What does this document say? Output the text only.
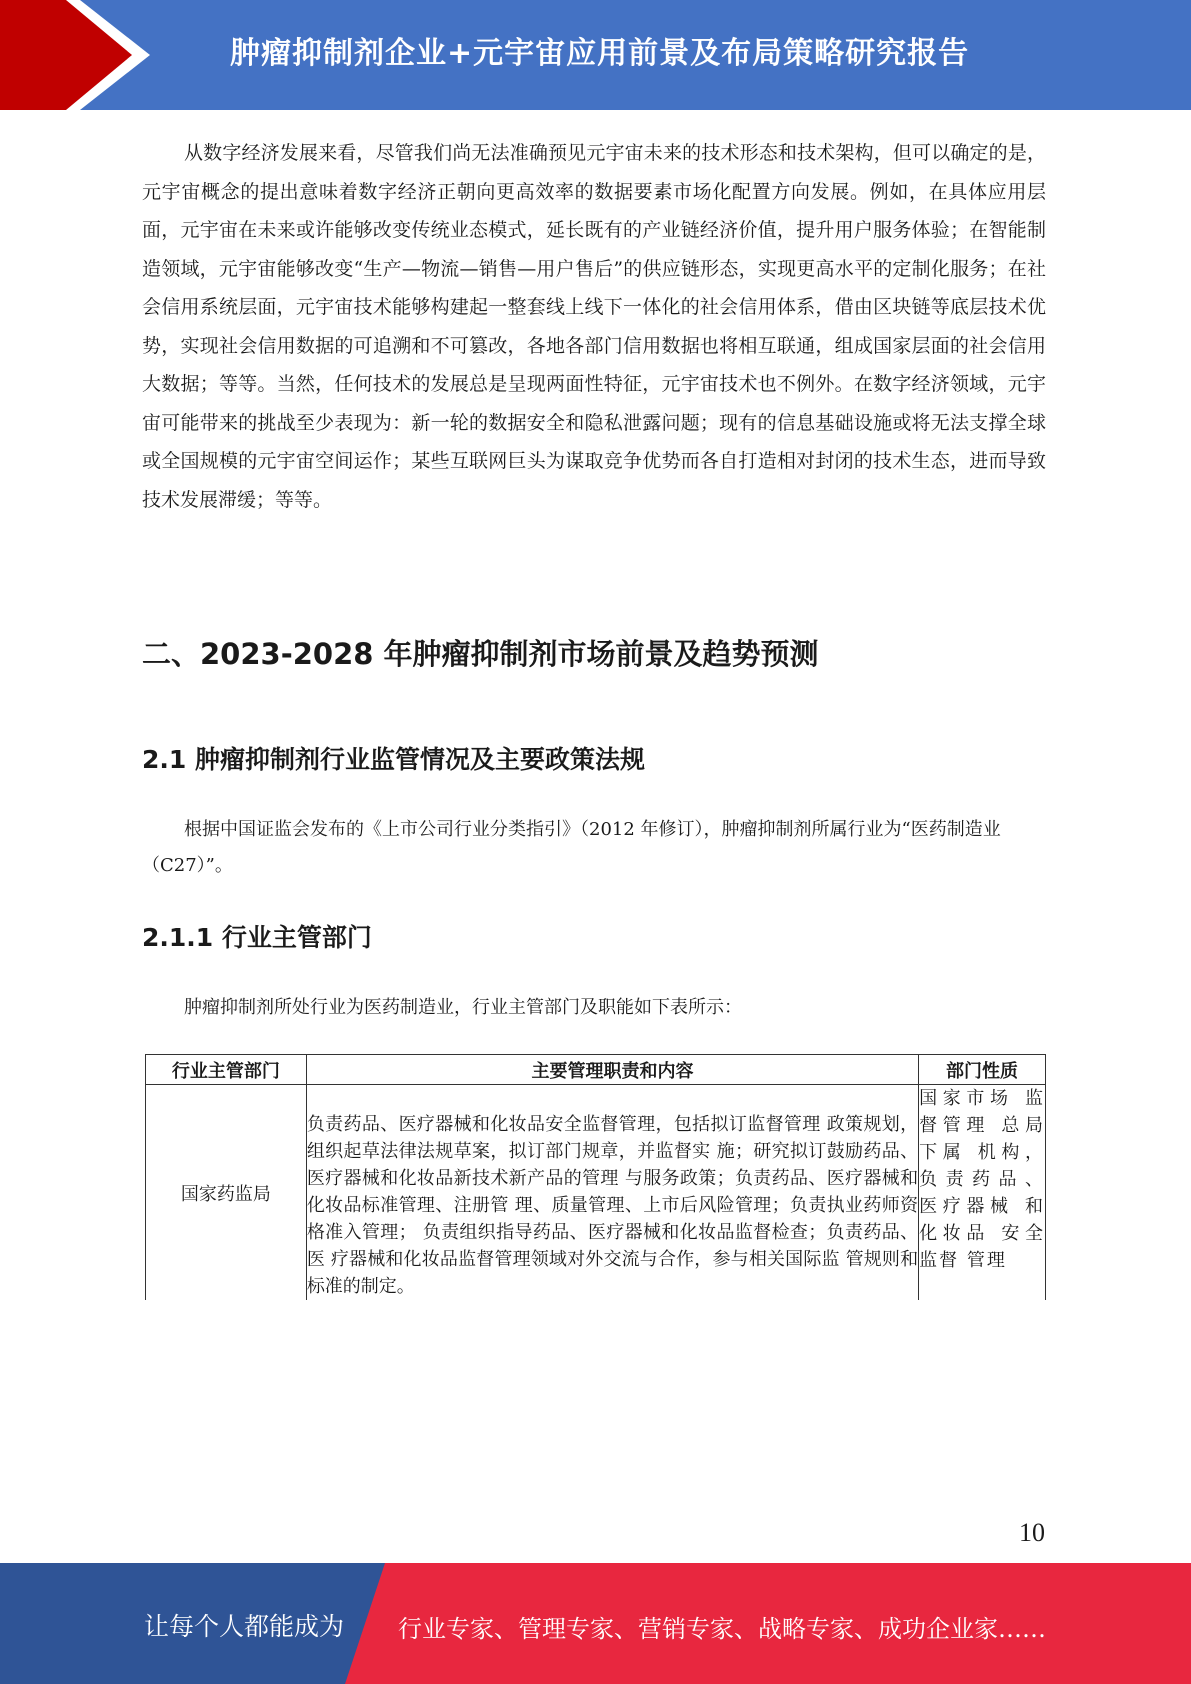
肿瘤抑制剂企业+元宇宙应用前景及布局策略研究报告

从数字经济发展来看，尽管我们尚无法准确预见元宇宙未来的技术形态和技术架构，但可以确定的是，元宇宙概念的提出意味着数字经济正朝向更高效率的数据要素市场化配置方向发展。例如，在具体应用层面，元宇宙在未来或许能够改变传统业态模式，延长既有的产业链经济价值，提升用户服务体验；在智能制造领域，元宇宙能够改变“生产—物流—销售—用户售后”的供应链形态，实现更高水平的定制化服务；在社会信用系统层面，元宇宙技术能够构建起一整套线上线下一体化的社会信用体系，借由区块链等底层技术优势，实现社会信用数据的可追溯和不可篡改，各地各部门信用数据也将相互联通，组成国家层面的社会信用大数据；等等。当然，任何技术的发展总是呈现两面性特征，元宇宙技术也不例外。在数字经济领域，元宇宙可能带来的挑战至少表现为：新一轮的数据安全和隐私泄露问题；现有的信息基础设施或将无法支撑全球或全国规模的元宇宙空间运作；某些互联网巨头为谋取竞争优势而各自打造相对封闭的技术生态，进而导致技术发展滞缓；等等。

二、2023-2028 年肿瘤抑制剂市场前景及趋势预测
2.1 肿瘤抑制剂行业监管情况及主要政策法规

根据中国证监会发布的《上市公司行业分类指引》（2012 年修订），肿瘤抑制剂所属行业为“医药制造业（C27）”。

2.1.1 行业主管部门

肿瘤抑制剂所处行业为医药制造业，行业主管部门及职能如下表所示：

行业主管部门	主要管理职责和内容	部门性质
国家药监局	负责药品、医疗器械和化妆品安全监督管理，包括拟订监督管理 政策规划，组织起草法律法规草案，拟订部门规章，并监督实 施；研究拟订鼓励药品、医疗器械和化妆品新技术新产品的管理 与服务政策；负责药品、医疗器械和化妆品标准管理、注册管 理、质量管理、上市后风险管理；负责执业药师资格准入管理； 负责组织指导药品、医疗器械和化妆品监督检查；负责药品、医 疗器械和化妆品监督管理领域对外交流与合作，参与相关国际监 管规则和标准的制定。	国家市场 监督管理 总局下属 机构，负责药品、 医疗器械 和化妆品 安全监督 管理
10
让每个人都能成为 行业专家、管理专家、营销专家、战略专家、成功企业家……
